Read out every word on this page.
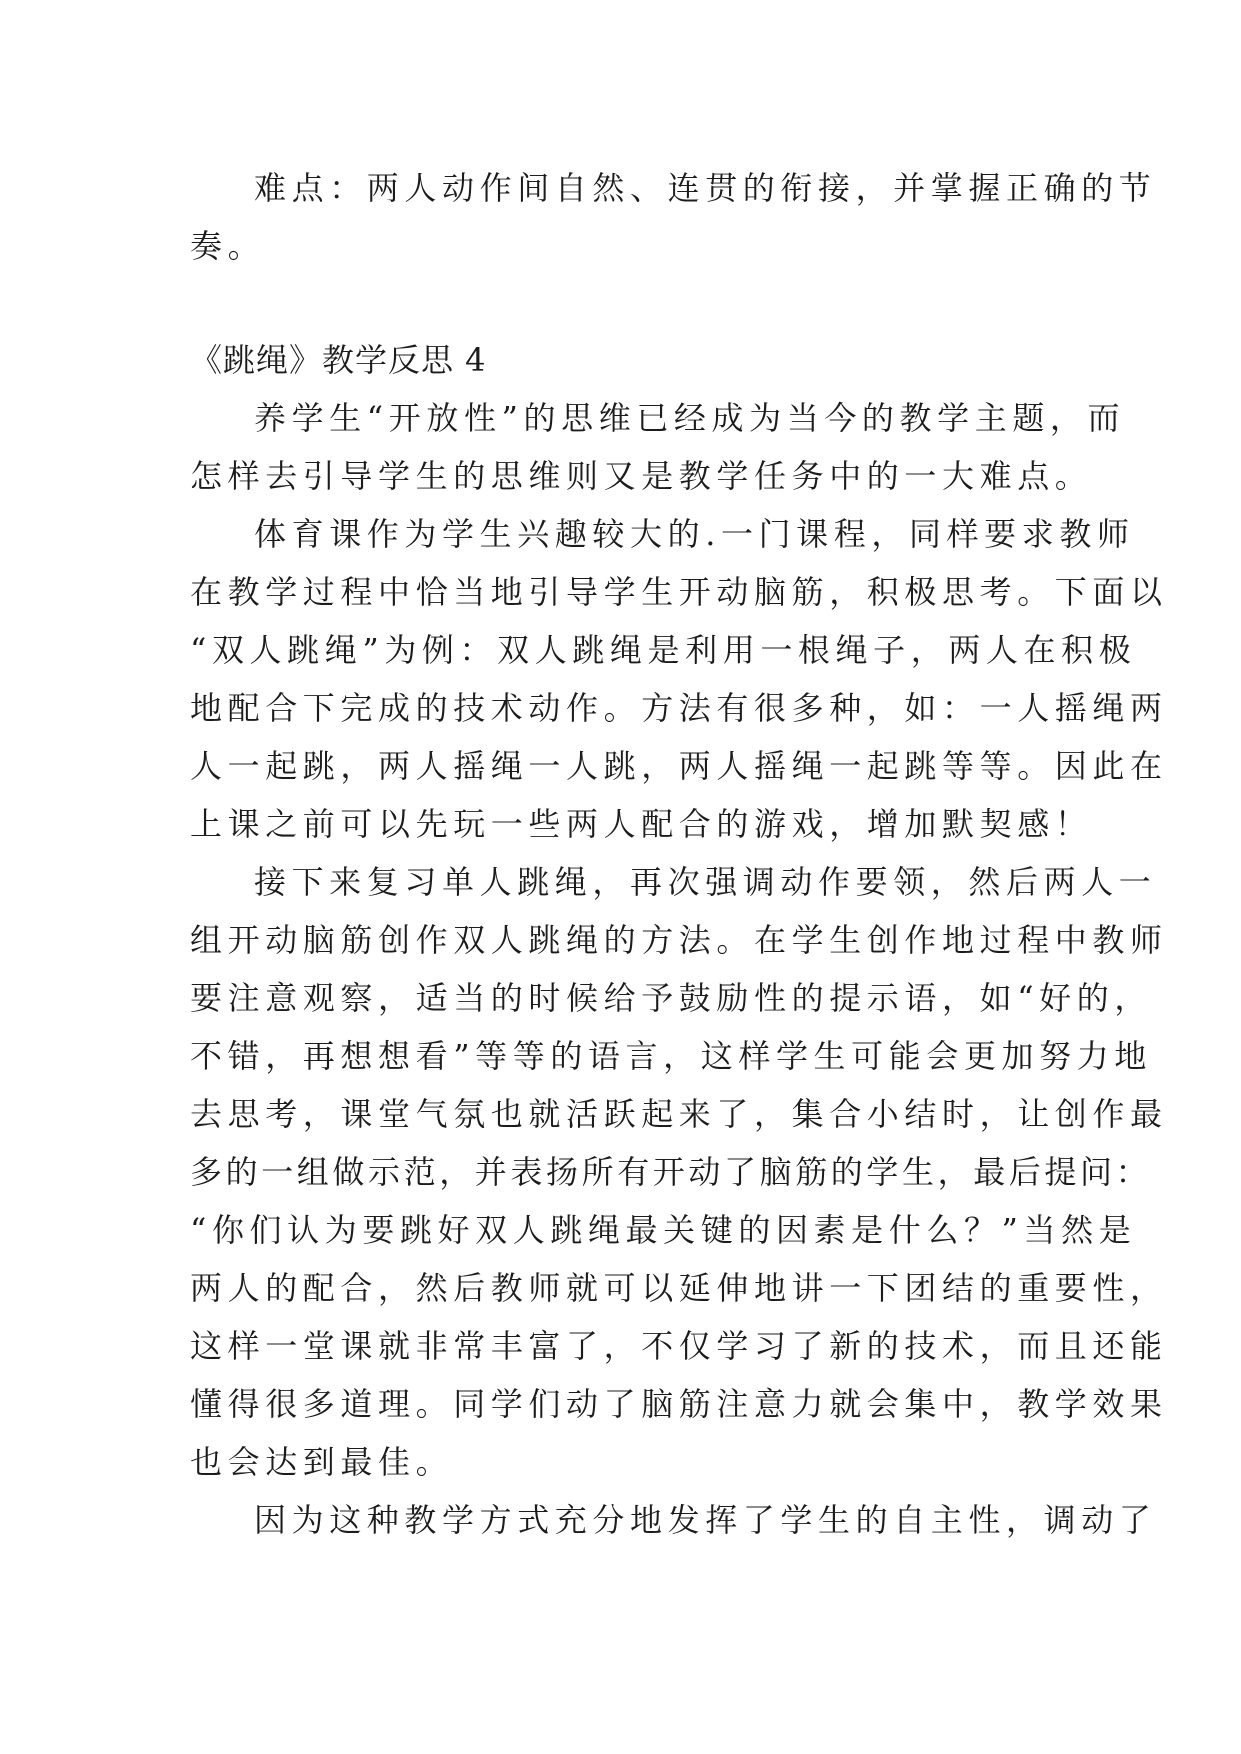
难点：两人动作间自然、连贯的衔接，并掌握正确的节

奏。

《跳绳》教学反思 4

养学生“开放性”的思维已经成为当今的教学主题，而

怎样去引导学生的思维则又是教学任务中的一大难点。

体育课作为学生兴趣较大的.一门课程，同样要求教师

在教学过程中恰当地引导学生开动脑筋，积极思考。下面以

“双人跳绳”为例：双人跳绳是利用一根绳子，两人在积极

地配合下完成的技术动作。方法有很多种，如：一人摇绳两

人一起跳，两人摇绳一人跳，两人摇绳一起跳等等。因此在

上课之前可以先玩一些两人配合的游戏，增加默契感！

接下来复习单人跳绳，再次强调动作要领，然后两人一

组开动脑筋创作双人跳绳的方法。在学生创作地过程中教师

要注意观察，适当的时候给予鼓励性的提示语，如“好的，

不错，再想想看”等等的语言，这样学生可能会更加努力地

去思考，课堂气氛也就活跃起来了，集合小结时，让创作最

多的一组做示范，并表扬所有开动了脑筋的学生，最后提问：

“你们认为要跳好双人跳绳最关键的因素是什么？”当然是

两人的配合，然后教师就可以延伸地讲一下团结的重要性，

这样一堂课就非常丰富了，不仅学习了新的技术，而且还能

懂得很多道理。同学们动了脑筋注意力就会集中，教学效果

也会达到最佳。

因为这种教学方式充分地发挥了学生的自主性，调动了
